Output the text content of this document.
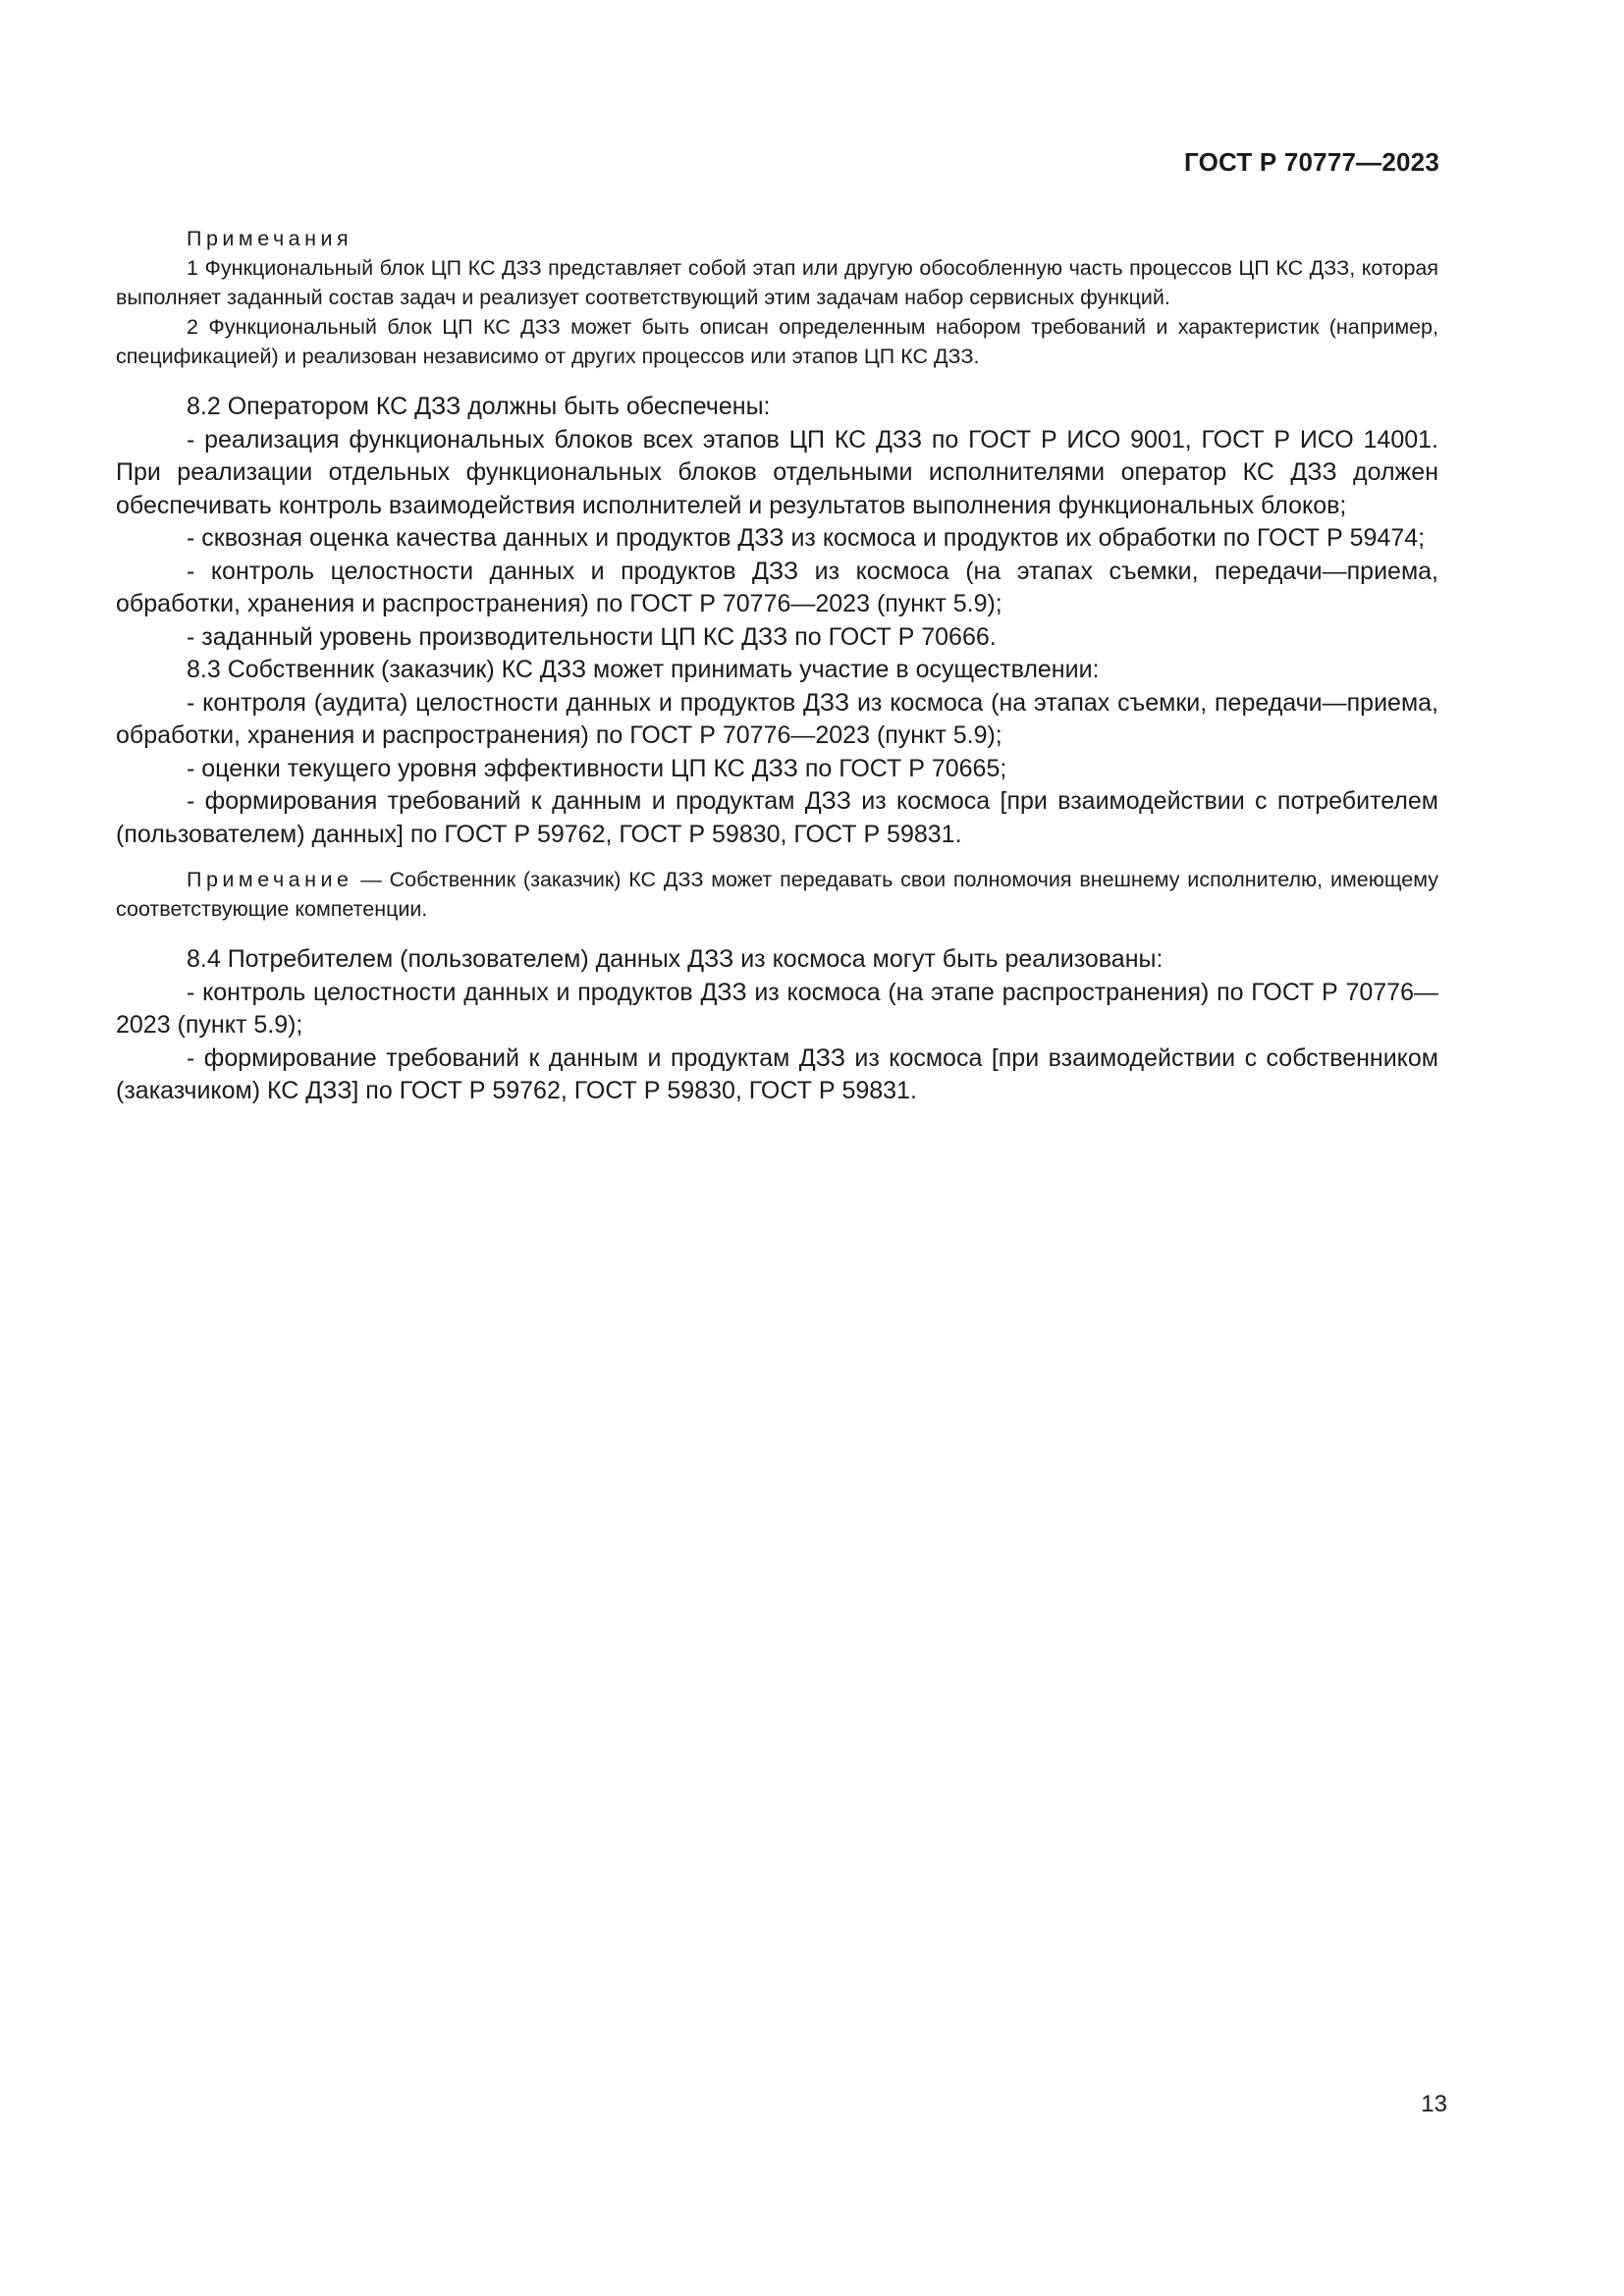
ГОСТ Р 70777—2023

Примечания

1 Функциональный блок ЦП КС ДЗЗ представляет собой этап или другую обособленную часть процессов ЦП КС ДЗЗ, которая выполняет заданный состав задач и реализует соответствующий этим задачам набор сервисных функций.

2 Функциональный блок ЦП КС ДЗЗ может быть описан определенным набором требований и характеристик (например, спецификацией) и реализован независимо от других процессов или этапов ЦП КС ДЗЗ.

8.2 Оператором КС ДЗЗ должны быть обеспечены:

- реализация функциональных блоков всех этапов ЦП КС ДЗЗ по ГОСТ Р ИСО 9001, ГОСТ Р ИСО 14001. При реализации отдельных функциональных блоков отдельными исполнителями оператор КС ДЗЗ должен обеспечивать контроль взаимодействия исполнителей и результатов выполнения функциональных блоков;

- сквозная оценка качества данных и продуктов ДЗЗ из космоса и продуктов их обработки по ГОСТ Р 59474;

- контроль целостности данных и продуктов ДЗЗ из космоса (на этапах съемки, передачи—приема, обработки, хранения и распространения) по ГОСТ Р 70776—2023 (пункт 5.9);

- заданный уровень производительности ЦП КС ДЗЗ по ГОСТ Р 70666.

8.3 Собственник (заказчик) КС ДЗЗ может принимать участие в осуществлении:

- контроля (аудита) целостности данных и продуктов ДЗЗ из космоса (на этапах съемки, передачи—приема, обработки, хранения и распространения) по ГОСТ Р 70776—2023 (пункт 5.9);

- оценки текущего уровня эффективности ЦП КС ДЗЗ по ГОСТ Р 70665;

- формирования требований к данным и продуктам ДЗЗ из космоса [при взаимодействии с потребителем (пользователем) данных] по ГОСТ Р 59762, ГОСТ Р 59830, ГОСТ Р 59831.

Примечание — Собственник (заказчик) КС ДЗЗ может передавать свои полномочия внешнему исполнителю, имеющему соответствующие компетенции.

8.4 Потребителем (пользователем) данных ДЗЗ из космоса могут быть реализованы:

- контроль целостности данных и продуктов ДЗЗ из космоса (на этапе распространения) по ГОСТ Р 70776—2023 (пункт 5.9);

- формирование требований к данным и продуктам ДЗЗ из космоса [при взаимодействии с собственником (заказчиком) КС ДЗЗ] по ГОСТ Р 59762, ГОСТ Р 59830, ГОСТ Р 59831.

13
